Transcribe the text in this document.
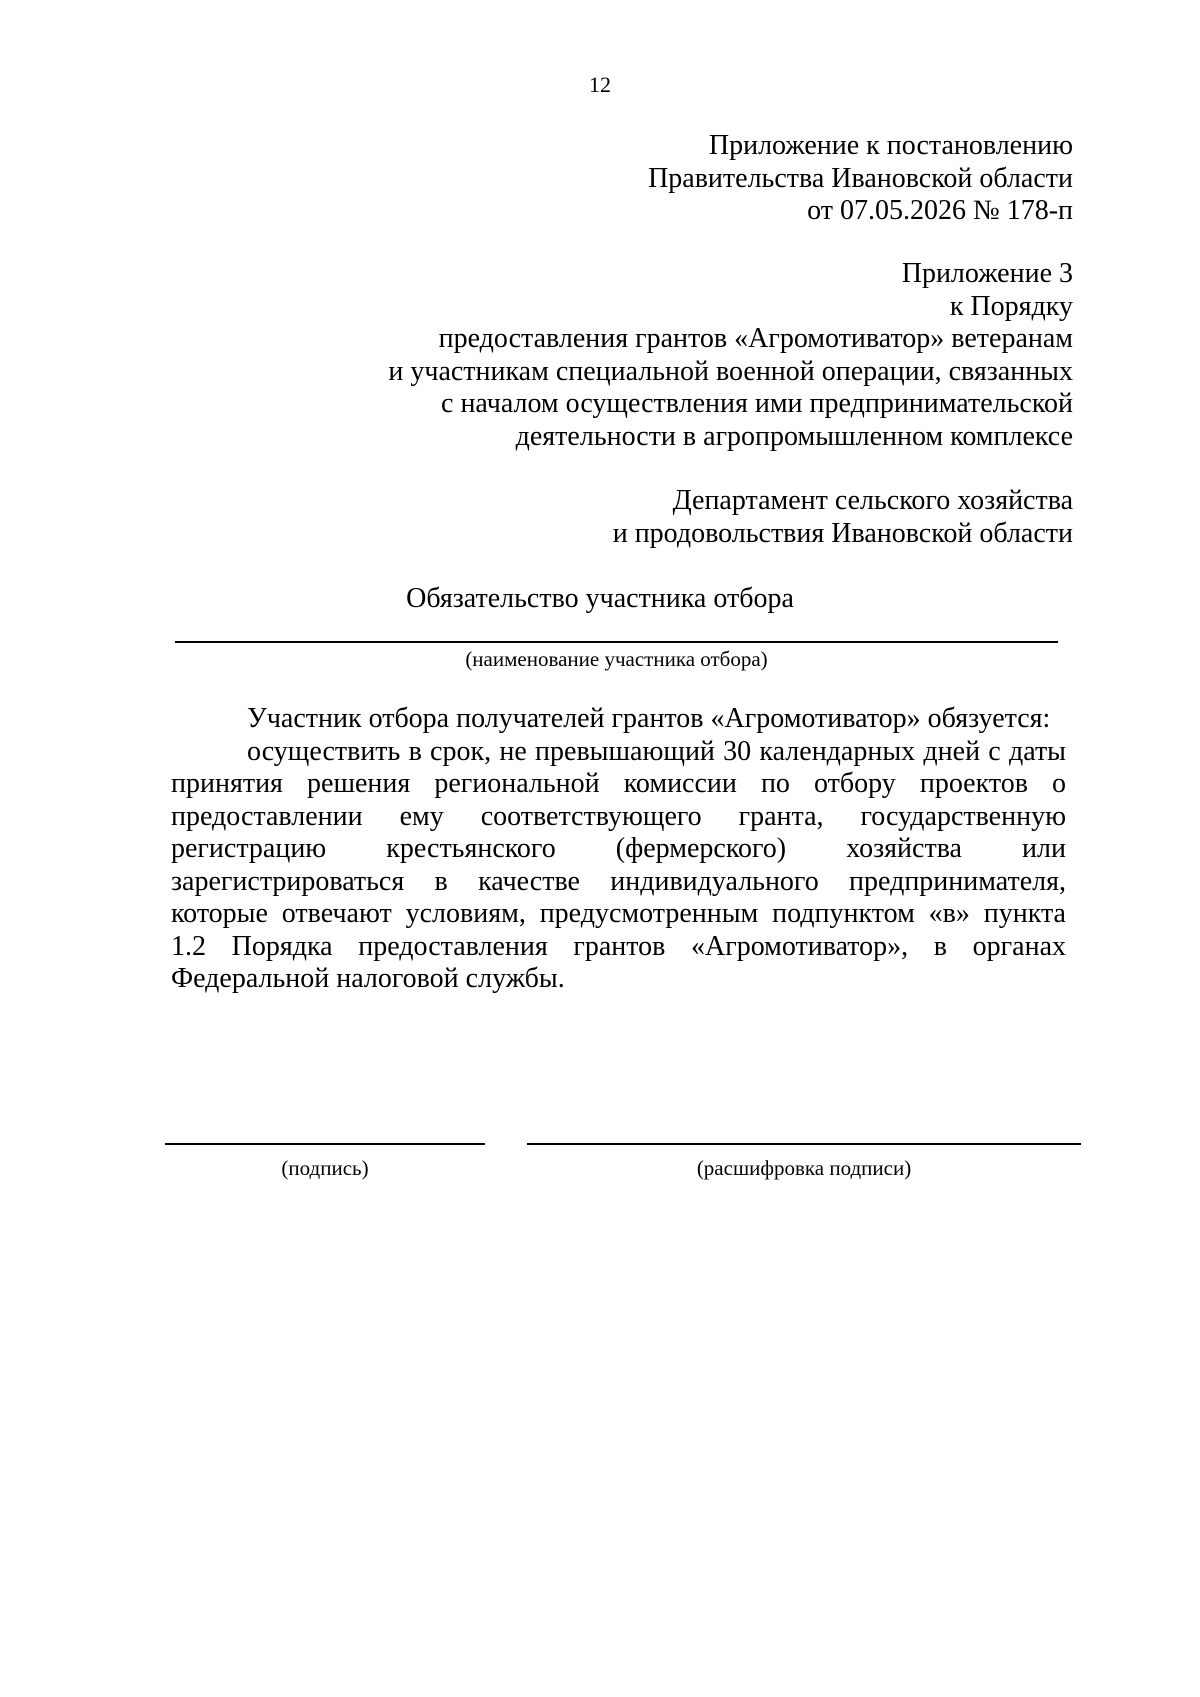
12
Приложение к постановлению
Правительства Ивановской области
от 07.05.2026 № 178-п
Приложение 3
к Порядку
предоставления грантов «Агромотиватор» ветеранам
и участникам специальной военной операции, связанных
с началом осуществления ими предпринимательской
деятельности в агропромышленном комплексе
Департамент сельского хозяйства
и продовольствия Ивановской области
Обязательство участника отбора
(наименование участника отбора)

Участник отбора получателей грантов «Агромотиватор» обязуется:

осуществить в срок, не превышающий 30 календарных дней с даты принятия решения региональной комиссии по отбору проектов о предоставлении ему соответствующего гранта, государственную регистрацию крестьянского (фермерского) хозяйства или зарегистрироваться в качестве индивидуального предпринимателя, которые отвечают условиям, предусмотренным подпунктом «в» пункта 1.2 Порядка предоставления грантов «Агромотиватор», в органах Федеральной налоговой службы.

(подпись)	(расшифровка подписи)
